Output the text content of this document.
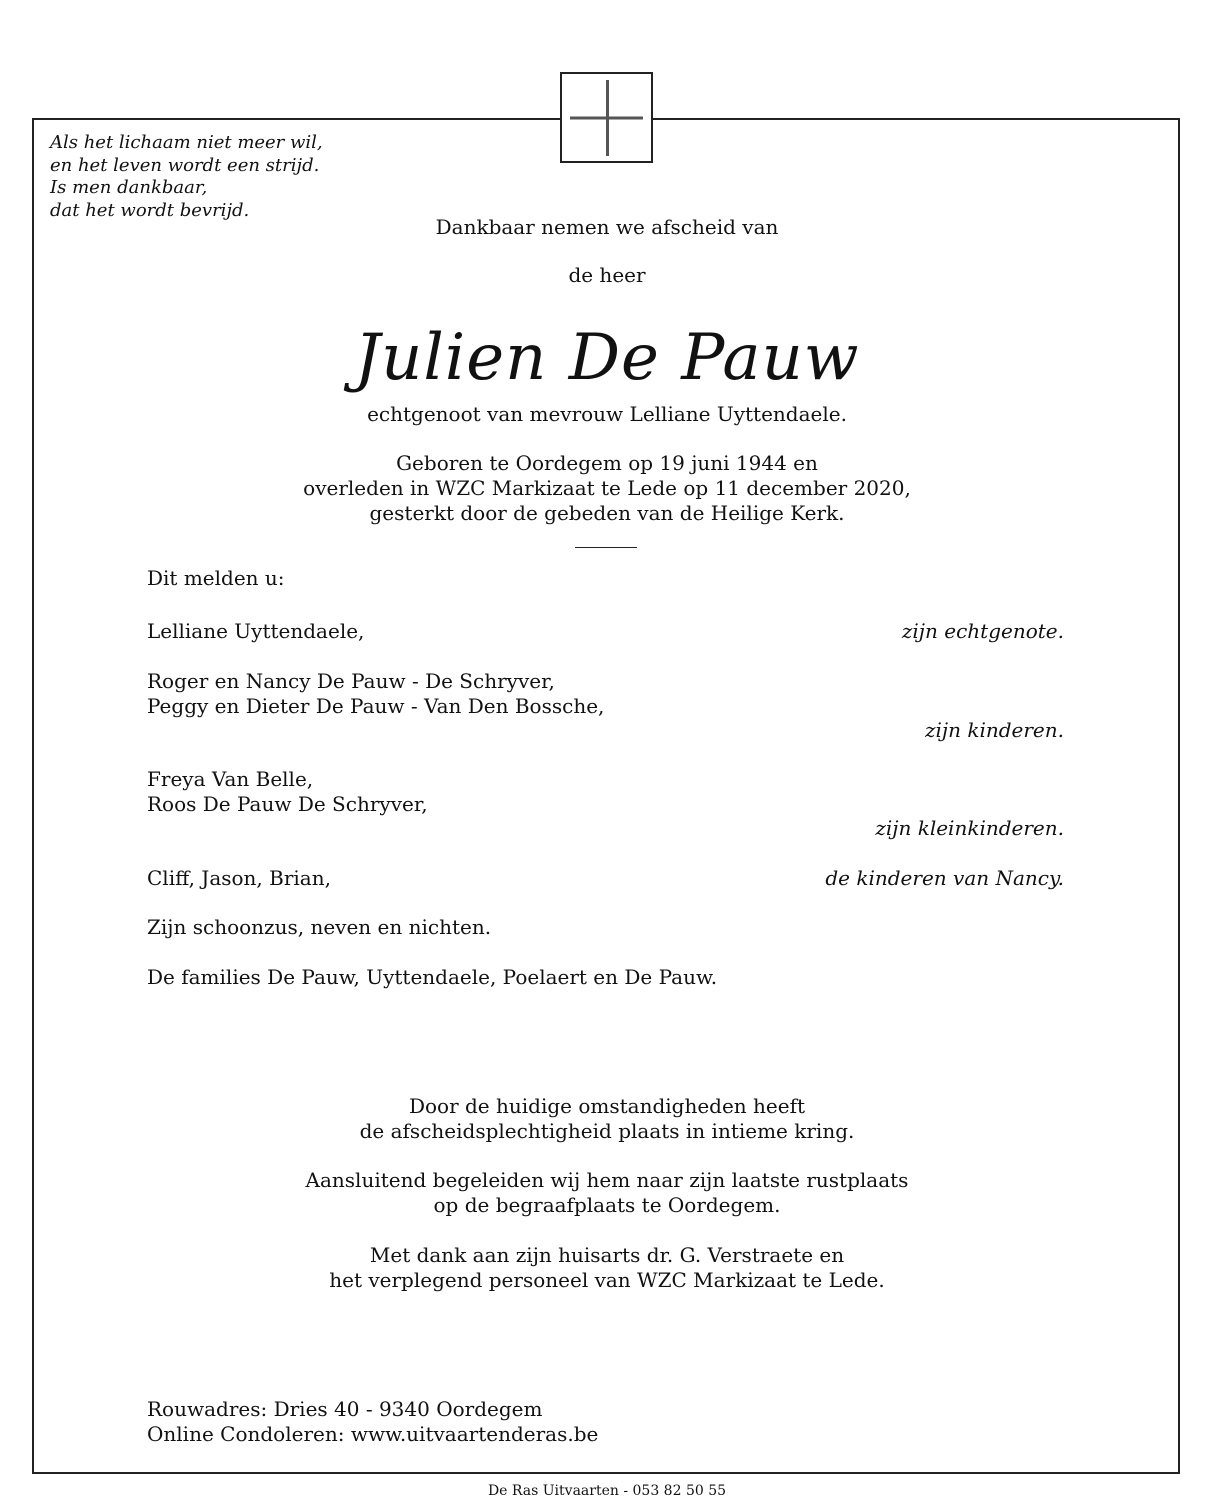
Als het lichaam niet meer wil,
en het leven wordt een strijd.
Is men dankbaar,
dat het wordt bevrijd.

Dankbaar nemen we afscheid van

de heer

Julien De Pauw

echtgenoot van mevrouw Lelliane Uyttendaele.

Geboren te Oordegem op 19 juni 1944 en

overleden in WZC Markizaat te Lede op 11 december 2020,

gesterkt door de gebeden van de Heilige Kerk.

Dit melden u:

Lelliane Uyttendaele,	zijn echtgenote.

Roger en Nancy De Pauw - De Schryver,

Peggy en Dieter De Pauw - Van Den Bossche,

zijn kinderen.

Freya Van Belle,

Roos De Pauw De Schryver,

zijn kleinkinderen.

Cliff, Jason, Brian,	de kinderen van Nancy.

Zijn schoonzus, neven en nichten.

De families De Pauw, Uyttendaele, Poelaert en De Pauw.

Door de huidige omstandigheden heeft

de afscheidsplechtigheid plaats in intieme kring.

Aansluitend begeleiden wij hem naar zijn laatste rustplaats

op de begraafplaats te Oordegem.

Met dank aan zijn huisarts dr. G. Verstraete en

het verplegend personeel van WZC Markizaat te Lede.

Rouwadres: Dries 40 - 9340 Oordegem

Online Condoleren: www.uitvaartenderas.be

De Ras Uitvaarten - 053 82 50 55
